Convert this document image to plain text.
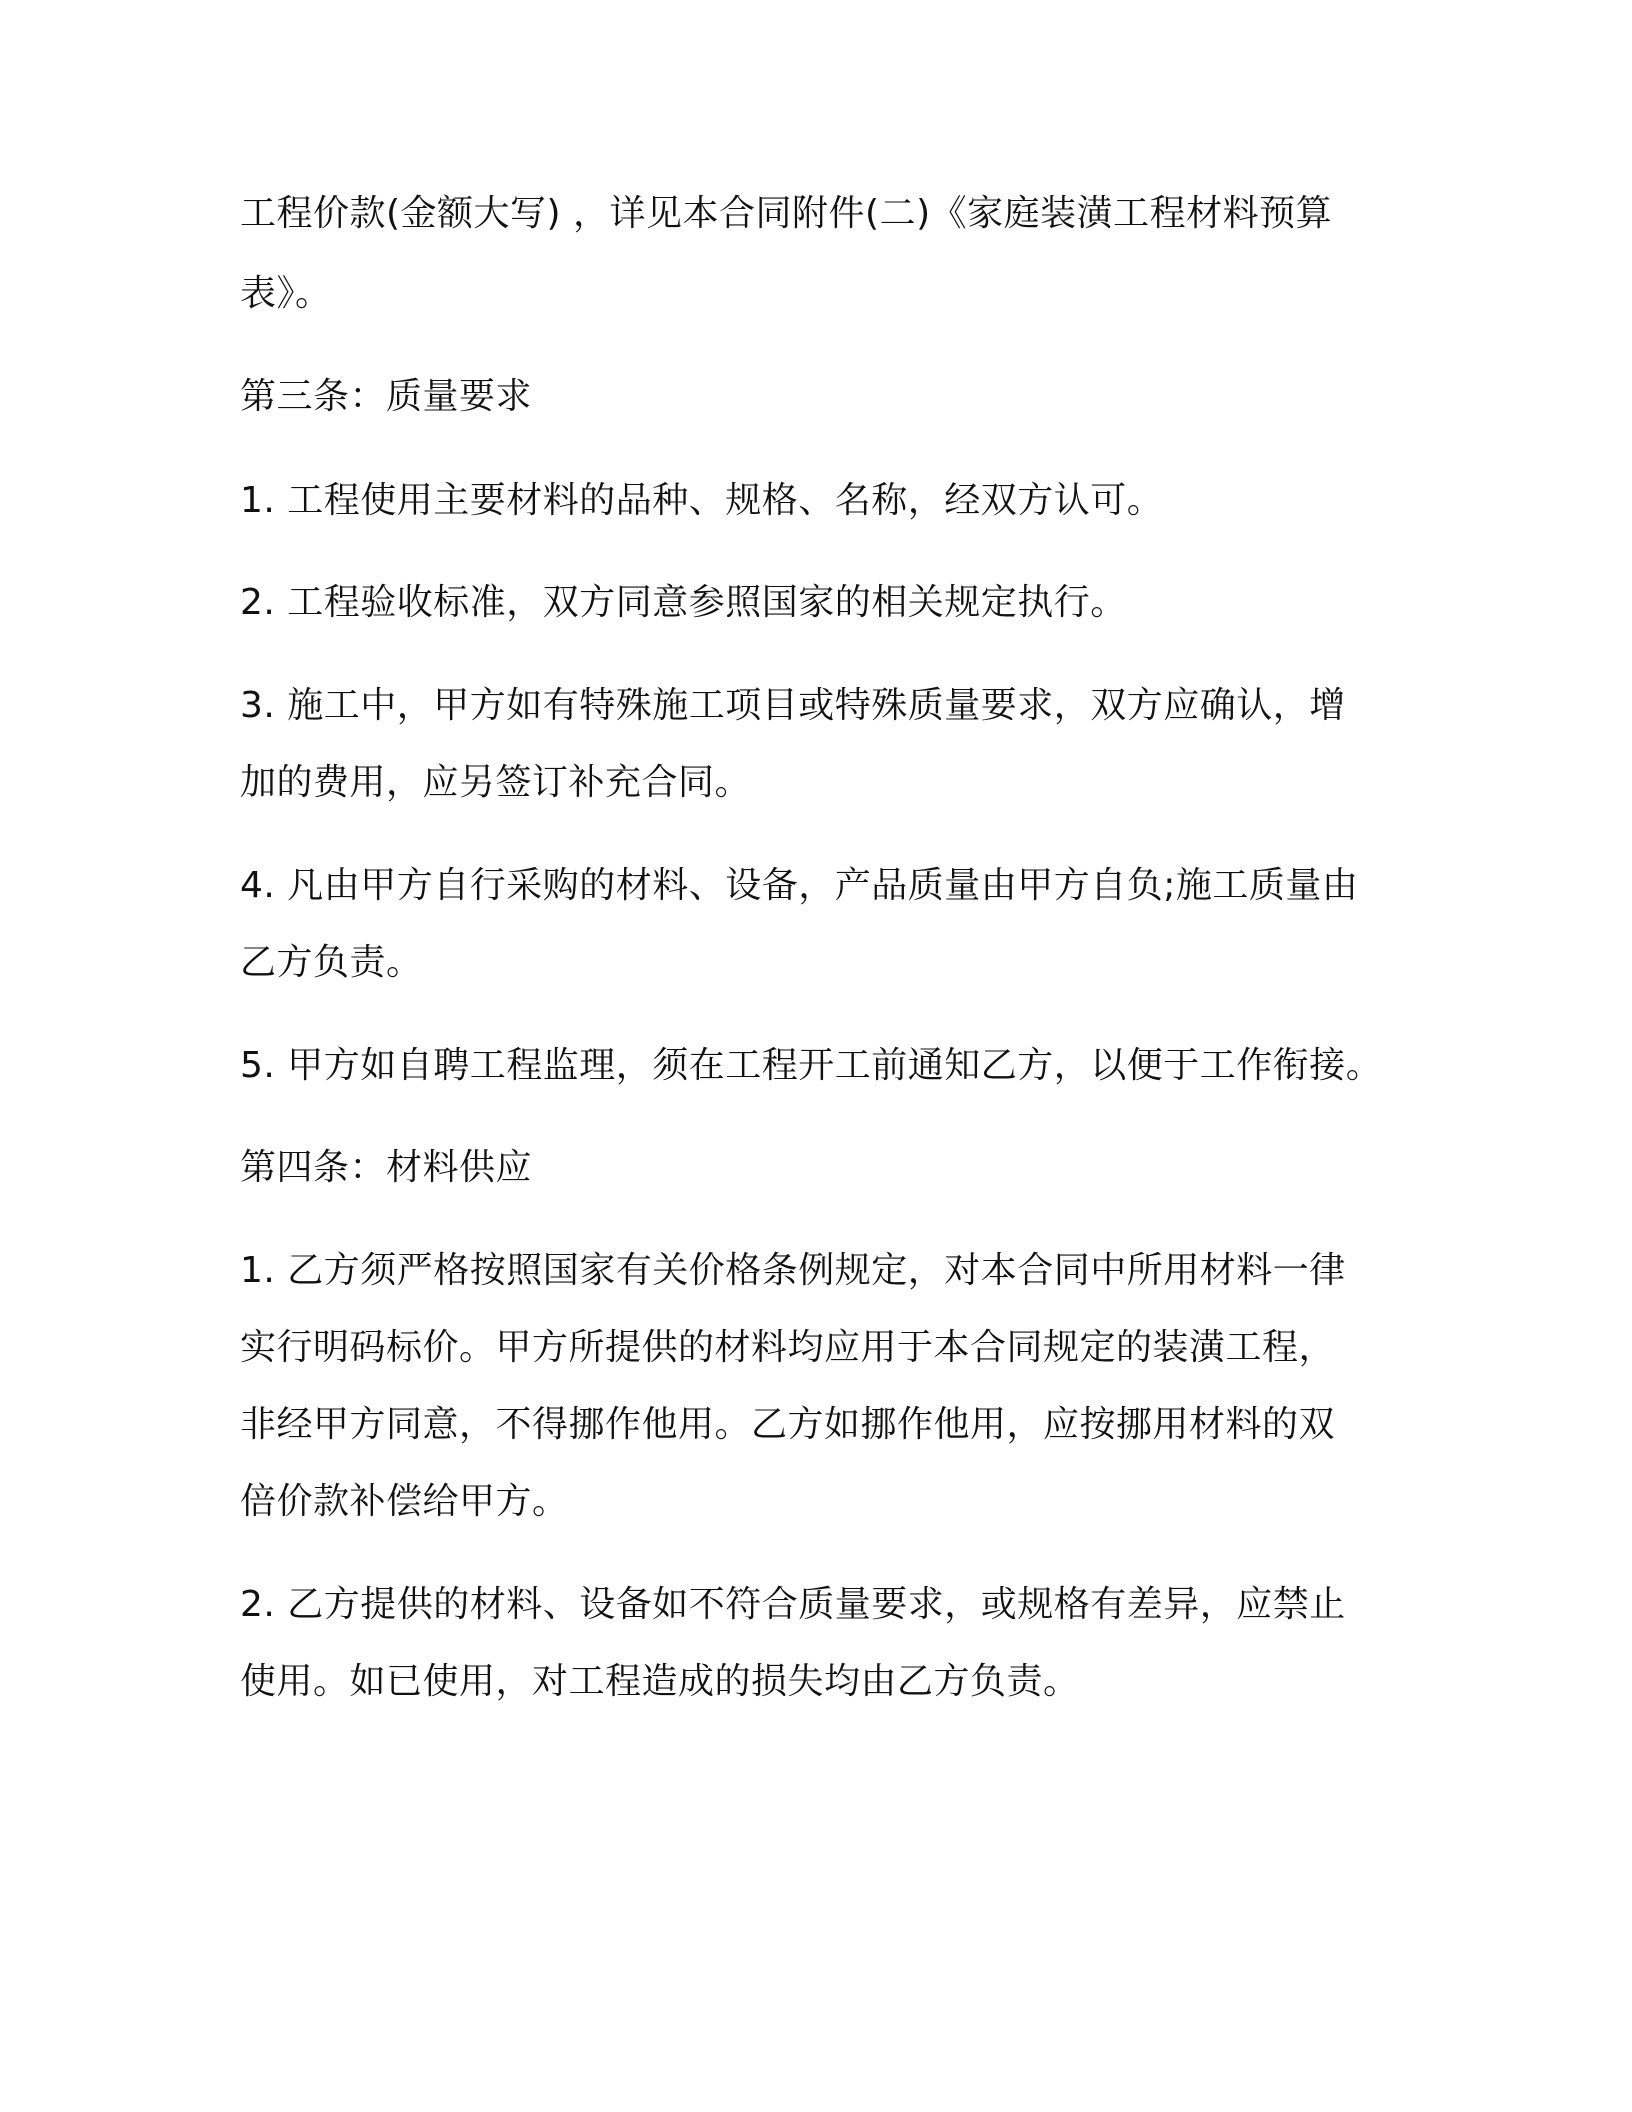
工程价款(金额大写) ，详见本合同附件(二)《家庭装潢工程材料预算

表》。

第三条：质量要求

1. 工程使用主要材料的品种、规格、名称，经双方认可。

2. 工程验收标准，双方同意参照国家的相关规定执行。

3. 施工中，甲方如有特殊施工项目或特殊质量要求，双方应确认，增

加的费用，应另签订补充合同。

4. 凡由甲方自行采购的材料、设备，产品质量由甲方自负;施工质量由

乙方负责。

5. 甲方如自聘工程监理，须在工程开工前通知乙方，以便于工作衔接。

第四条：材料供应

1. 乙方须严格按照国家有关价格条例规定，对本合同中所用材料一律

实行明码标价。甲方所提供的材料均应用于本合同规定的装潢工程，

非经甲方同意，不得挪作他用。乙方如挪作他用，应按挪用材料的双

倍价款补偿给甲方。

2. 乙方提供的材料、设备如不符合质量要求，或规格有差异，应禁止

使用。如已使用，对工程造成的损失均由乙方负责。
